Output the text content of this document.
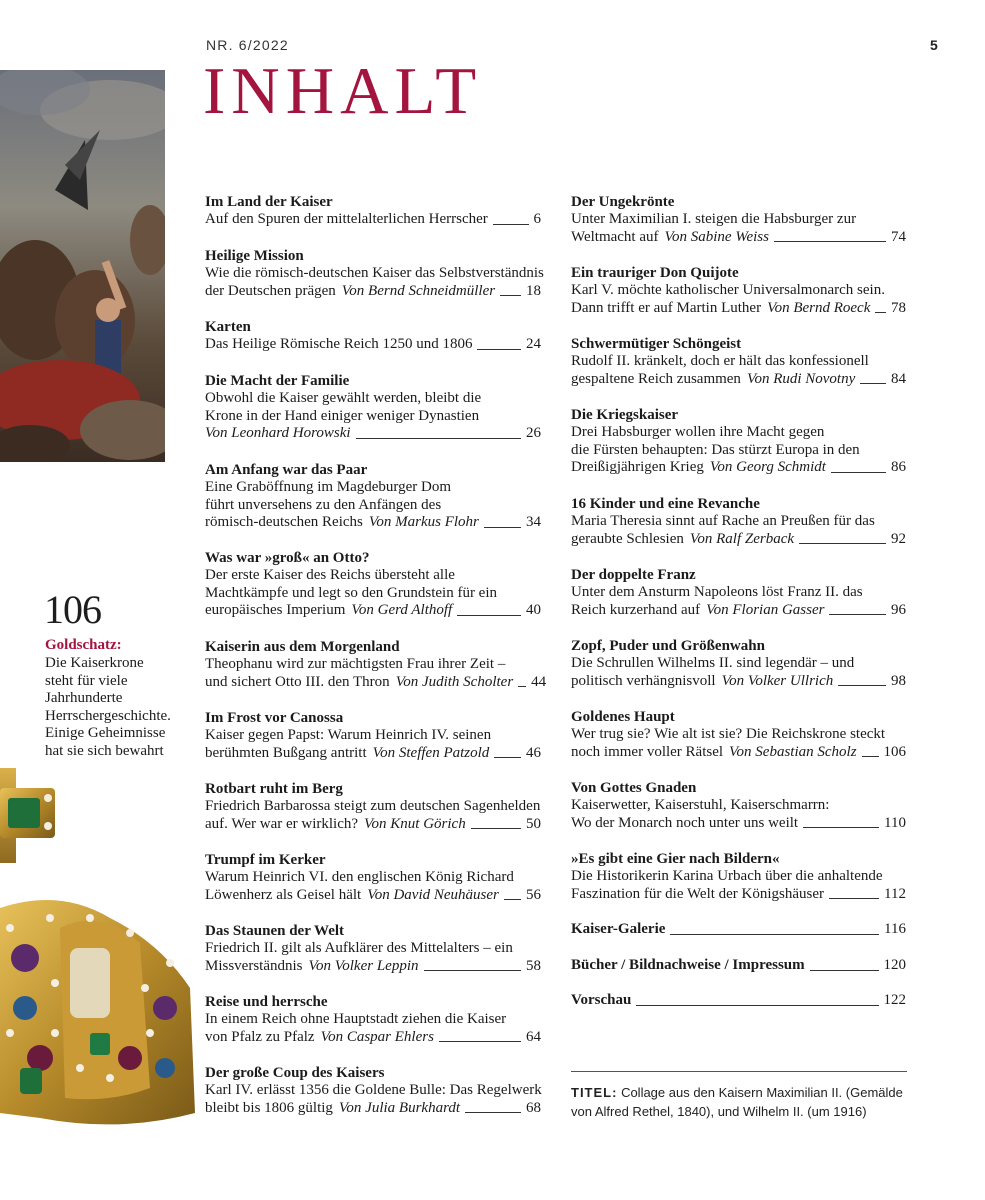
NR. 6/2022	5
INHALT
106
Goldschatz:
Die Kaiserkrone
steht für viele
Jahrhunderte
Herrschergeschichte.
Einige Geheimnisse
hat sie sich bewahrt
Im Land der Kaiser
Auf den Spuren der mittelalterlichen Herrscher	6
Heilige Mission
Wie die römisch-deutschen Kaiser das Selbstverständnis
der Deutschen prägen Von Bernd Schneidmüller 18
Karten
Das Heilige Römische Reich 1250 und 1806	24
Die Macht der Familie
Obwohl die Kaiser gewählt werden, bleibt die
Krone in der Hand einiger weniger Dynastien
Von Leonhard Horowski	26
Am Anfang war das Paar
Eine Graböffnung im Magdeburger Dom
führt unversehens zu den Anfängen des
römisch-deutschen Reichs Von Markus Flohr	34
Was war »groß« an Otto?
Der erste Kaiser des Reichs übersteht alle
Machtkämpfe und legt so den Grundstein für ein
europäisches Imperium Von Gerd Althoff	40
Kaiserin aus dem Morgenland
Theophanu wird zur mächtigsten Frau ihrer Zeit –
und sichert Otto III. den Thron Von Judith Scholter 44
Im Frost vor Canossa
Kaiser gegen Papst: Warum Heinrich IV. seinen
berühmten Bußgang antritt Von Steffen Patzold 46
Rotbart ruht im Berg
Friedrich Barbarossa steigt zum deutschen Sagenhelden
auf. Wer war er wirklich? Von Knut Görich	50
Trumpf im Kerker
Warum Heinrich VI. den englischen König Richard
Löwenherz als Geisel hält Von David Neuhäuser 56
Das Staunen der Welt
Friedrich II. gilt als Aufklärer des Mittelalters – ein
Missverständnis Von Volker Leppin	58
Reise und herrsche
In einem Reich ohne Hauptstadt ziehen die Kaiser
von Pfalz zu Pfalz Von Caspar Ehlers	64
Der große Coup des Kaisers
Karl IV. erlässt 1356 die Goldene Bulle: Das Regelwerk
bleibt bis 1806 gültig Von Julia Burkhardt	68
Der Ungekrönte
Unter Maximilian I. steigen die Habsburger zur
Weltmacht auf Von Sabine Weiss	74
Ein trauriger Don Quijote
Karl V. möchte katholischer Universalmonarch sein.
Dann trifft er auf Martin Luther Von Bernd Roeck 78
Schwermütiger Schöngeist
Rudolf II. kränkelt, doch er hält das konfessionell
gespaltene Reich zusammen Von Rudi Novotny 84
Die Kriegskaiser
Drei Habsburger wollen ihre Macht gegen
die Fürsten behaupten: Das stürzt Europa in den
Dreißigjährigen Krieg Von Georg Schmidt	86
16 Kinder und eine Revanche
Maria Theresia sinnt auf Rache an Preußen für das
geraubte Schlesien Von Ralf Zerback	92
Der doppelte Franz
Unter dem Ansturm Napoleons löst Franz II. das
Reich kurzerhand auf Von Florian Gasser	96
Zopf, Puder und Größenwahn
Die Schrullen Wilhelms II. sind legendär – und
politisch verhängnisvoll Von Volker Ullrich	98
Goldenes Haupt
Wer trug sie? Wie alt ist sie? Die Reichskrone steckt
noch immer voller Rätsel Von Sebastian Scholz 106
Von Gottes Gnaden
Kaiserwetter, Kaiserstuhl, Kaiserschmarrn:
Wo der Monarch noch unter uns weilt	110
»Es gibt eine Gier nach Bildern«
Die Historikerin Karina Urbach über die anhaltende
Faszination für die Welt der Königshäuser	112
Kaiser-Galerie	116
Bücher / Bildnachweise / Impressum	120
Vorschau	122
TITEL: Collage aus den Kaisern Maximilian II. (Gemälde
von Alfred Rethel, 1840), und Wilhelm II. (um 1916)
